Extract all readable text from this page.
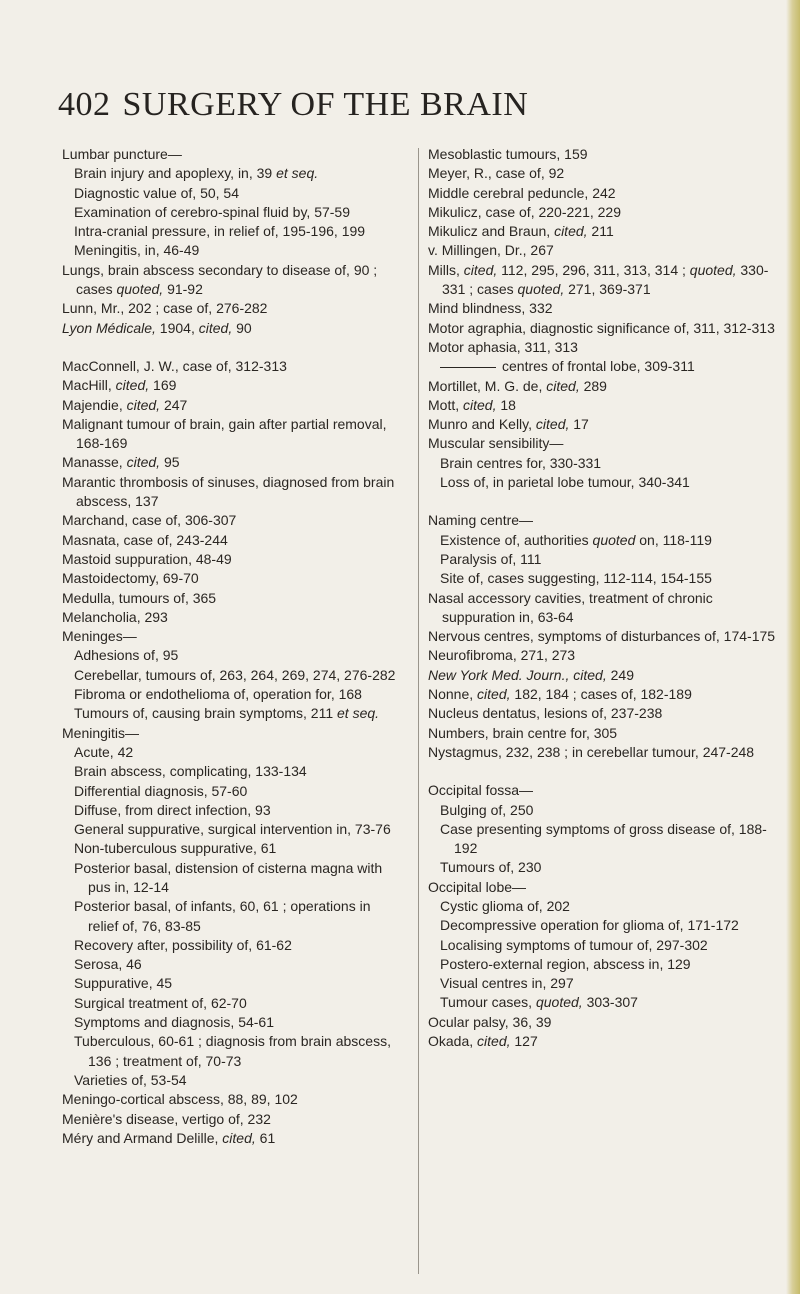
402 SURGERY OF THE BRAIN

Lumbar puncture—

Brain injury and apoplexy, in, 39 et seq.

Diagnostic value of, 50, 54

Examination of cerebro-spinal fluid by, 57-59

Intra-cranial pressure, in relief of, 195-196, 199

Meningitis, in, 46-49

Lungs, brain abscess secondary to disease of, 90 ; cases quoted, 91-92

Lunn, Mr., 202 ; case of, 276-282

Lyon Médicale, 1904, cited, 90

MacConnell, J. W., case of, 312-313

MacHill, cited, 169

Majendie, cited, 247

Malignant tumour of brain, gain after partial removal, 168-169

Manasse, cited, 95

Marantic thrombosis of sinuses, diagnosed from brain abscess, 137

Marchand, case of, 306-307

Masnata, case of, 243-244

Mastoid suppuration, 48-49

Mastoidectomy, 69-70

Medulla, tumours of, 365

Melancholia, 293

Meninges—

Adhesions of, 95

Cerebellar, tumours of, 263, 264, 269, 274, 276-282

Fibroma or endothelioma of, operation for, 168

Tumours of, causing brain symptoms, 211 et seq.

Meningitis—

Acute, 42

Brain abscess, complicating, 133-134

Differential diagnosis, 57-60

Diffuse, from direct infection, 93

General suppurative, surgical intervention in, 73-76

Non-tuberculous suppurative, 61

Posterior basal, distension of cisterna magna with pus in, 12-14

Posterior basal, of infants, 60, 61 ; operations in relief of, 76, 83-85

Recovery after, possibility of, 61-62

Serosa, 46

Suppurative, 45

Surgical treatment of, 62-70

Symptoms and diagnosis, 54-61

Tuberculous, 60-61 ; diagnosis from brain abscess, 136 ; treatment of, 70-73

Varieties of, 53-54

Meningo-cortical abscess, 88, 89, 102

Menière's disease, vertigo of, 232

Méry and Armand Delille, cited, 61

Mesoblastic tumours, 159

Meyer, R., case of, 92

Middle cerebral peduncle, 242

Mikulicz, case of, 220-221, 229

Mikulicz and Braun, cited, 211

v. Millingen, Dr., 267

Mills, cited, 112, 295, 296, 311, 313, 314 ; quoted, 330-331 ; cases quoted, 271, 369-371

Mind blindness, 332

Motor agraphia, diagnostic significance of, 311, 312-313

Motor aphasia, 311, 313

centres of frontal lobe, 309-311

Mortillet, M. G. de, cited, 289

Mott, cited, 18

Munro and Kelly, cited, 17

Muscular sensibility—

Brain centres for, 330-331

Loss of, in parietal lobe tumour, 340-341

Naming centre—

Existence of, authorities quoted on, 118-119

Paralysis of, 111

Site of, cases suggesting, 112-114, 154-155

Nasal accessory cavities, treatment of chronic suppuration in, 63-64

Nervous centres, symptoms of disturbances of, 174-175

Neurofibroma, 271, 273

New York Med. Journ., cited, 249

Nonne, cited, 182, 184 ; cases of, 182-189

Nucleus dentatus, lesions of, 237-238

Numbers, brain centre for, 305

Nystagmus, 232, 238 ; in cerebellar tumour, 247-248

Occipital fossa—

Bulging of, 250

Case presenting symptoms of gross disease of, 188-192

Tumours of, 230

Occipital lobe—

Cystic glioma of, 202

Decompressive operation for glioma of, 171-172

Localising symptoms of tumour of, 297-302

Postero-external region, abscess in, 129

Visual centres in, 297

Tumour cases, quoted, 303-307

Ocular palsy, 36, 39

Okada, cited, 127
